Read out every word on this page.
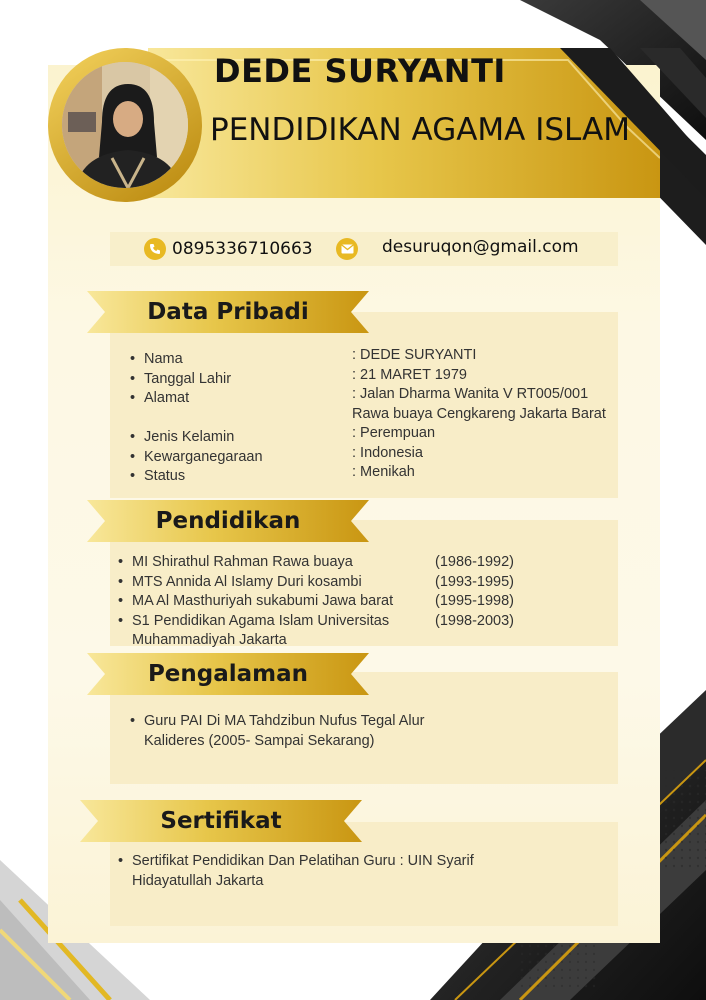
DEDE SURYANTI
PENDIDIKAN AGAMA ISLAM
0895336710663	desuruqon@gmail.com
Data Pribadi
• Nama
• Tanggal Lahir
• Alamat
• Jenis Kelamin
• Kewarganegaraan
• Status
: DEDE SURYANTI
: 21 MARET 1979
: Jalan Dharma Wanita V RT005/001
Rawa buaya Cengkareng Jakarta Barat
: Perempuan
: Indonesia
: Menikah
Pendidikan
• MI Shirathul Rahman Rawa buaya
• MTS Annida Al Islamy Duri kosambi
• MA Al Masthuriyah sukabumi Jawa barat
• S1 Pendidikan Agama Islam Universitas
Muhammadiyah Jakarta
(1986-1992)
(1993-1995)
(1995-1998)
(1998-2003)
Pengalaman
• Guru PAI Di MA Tahdzibun Nufus Tegal Alur
Kalideres (2005- Sampai Sekarang)
Sertifikat
• Sertifikat Pendidikan Dan Pelatihan Guru : UIN Syarif
Hidayatullah Jakarta
